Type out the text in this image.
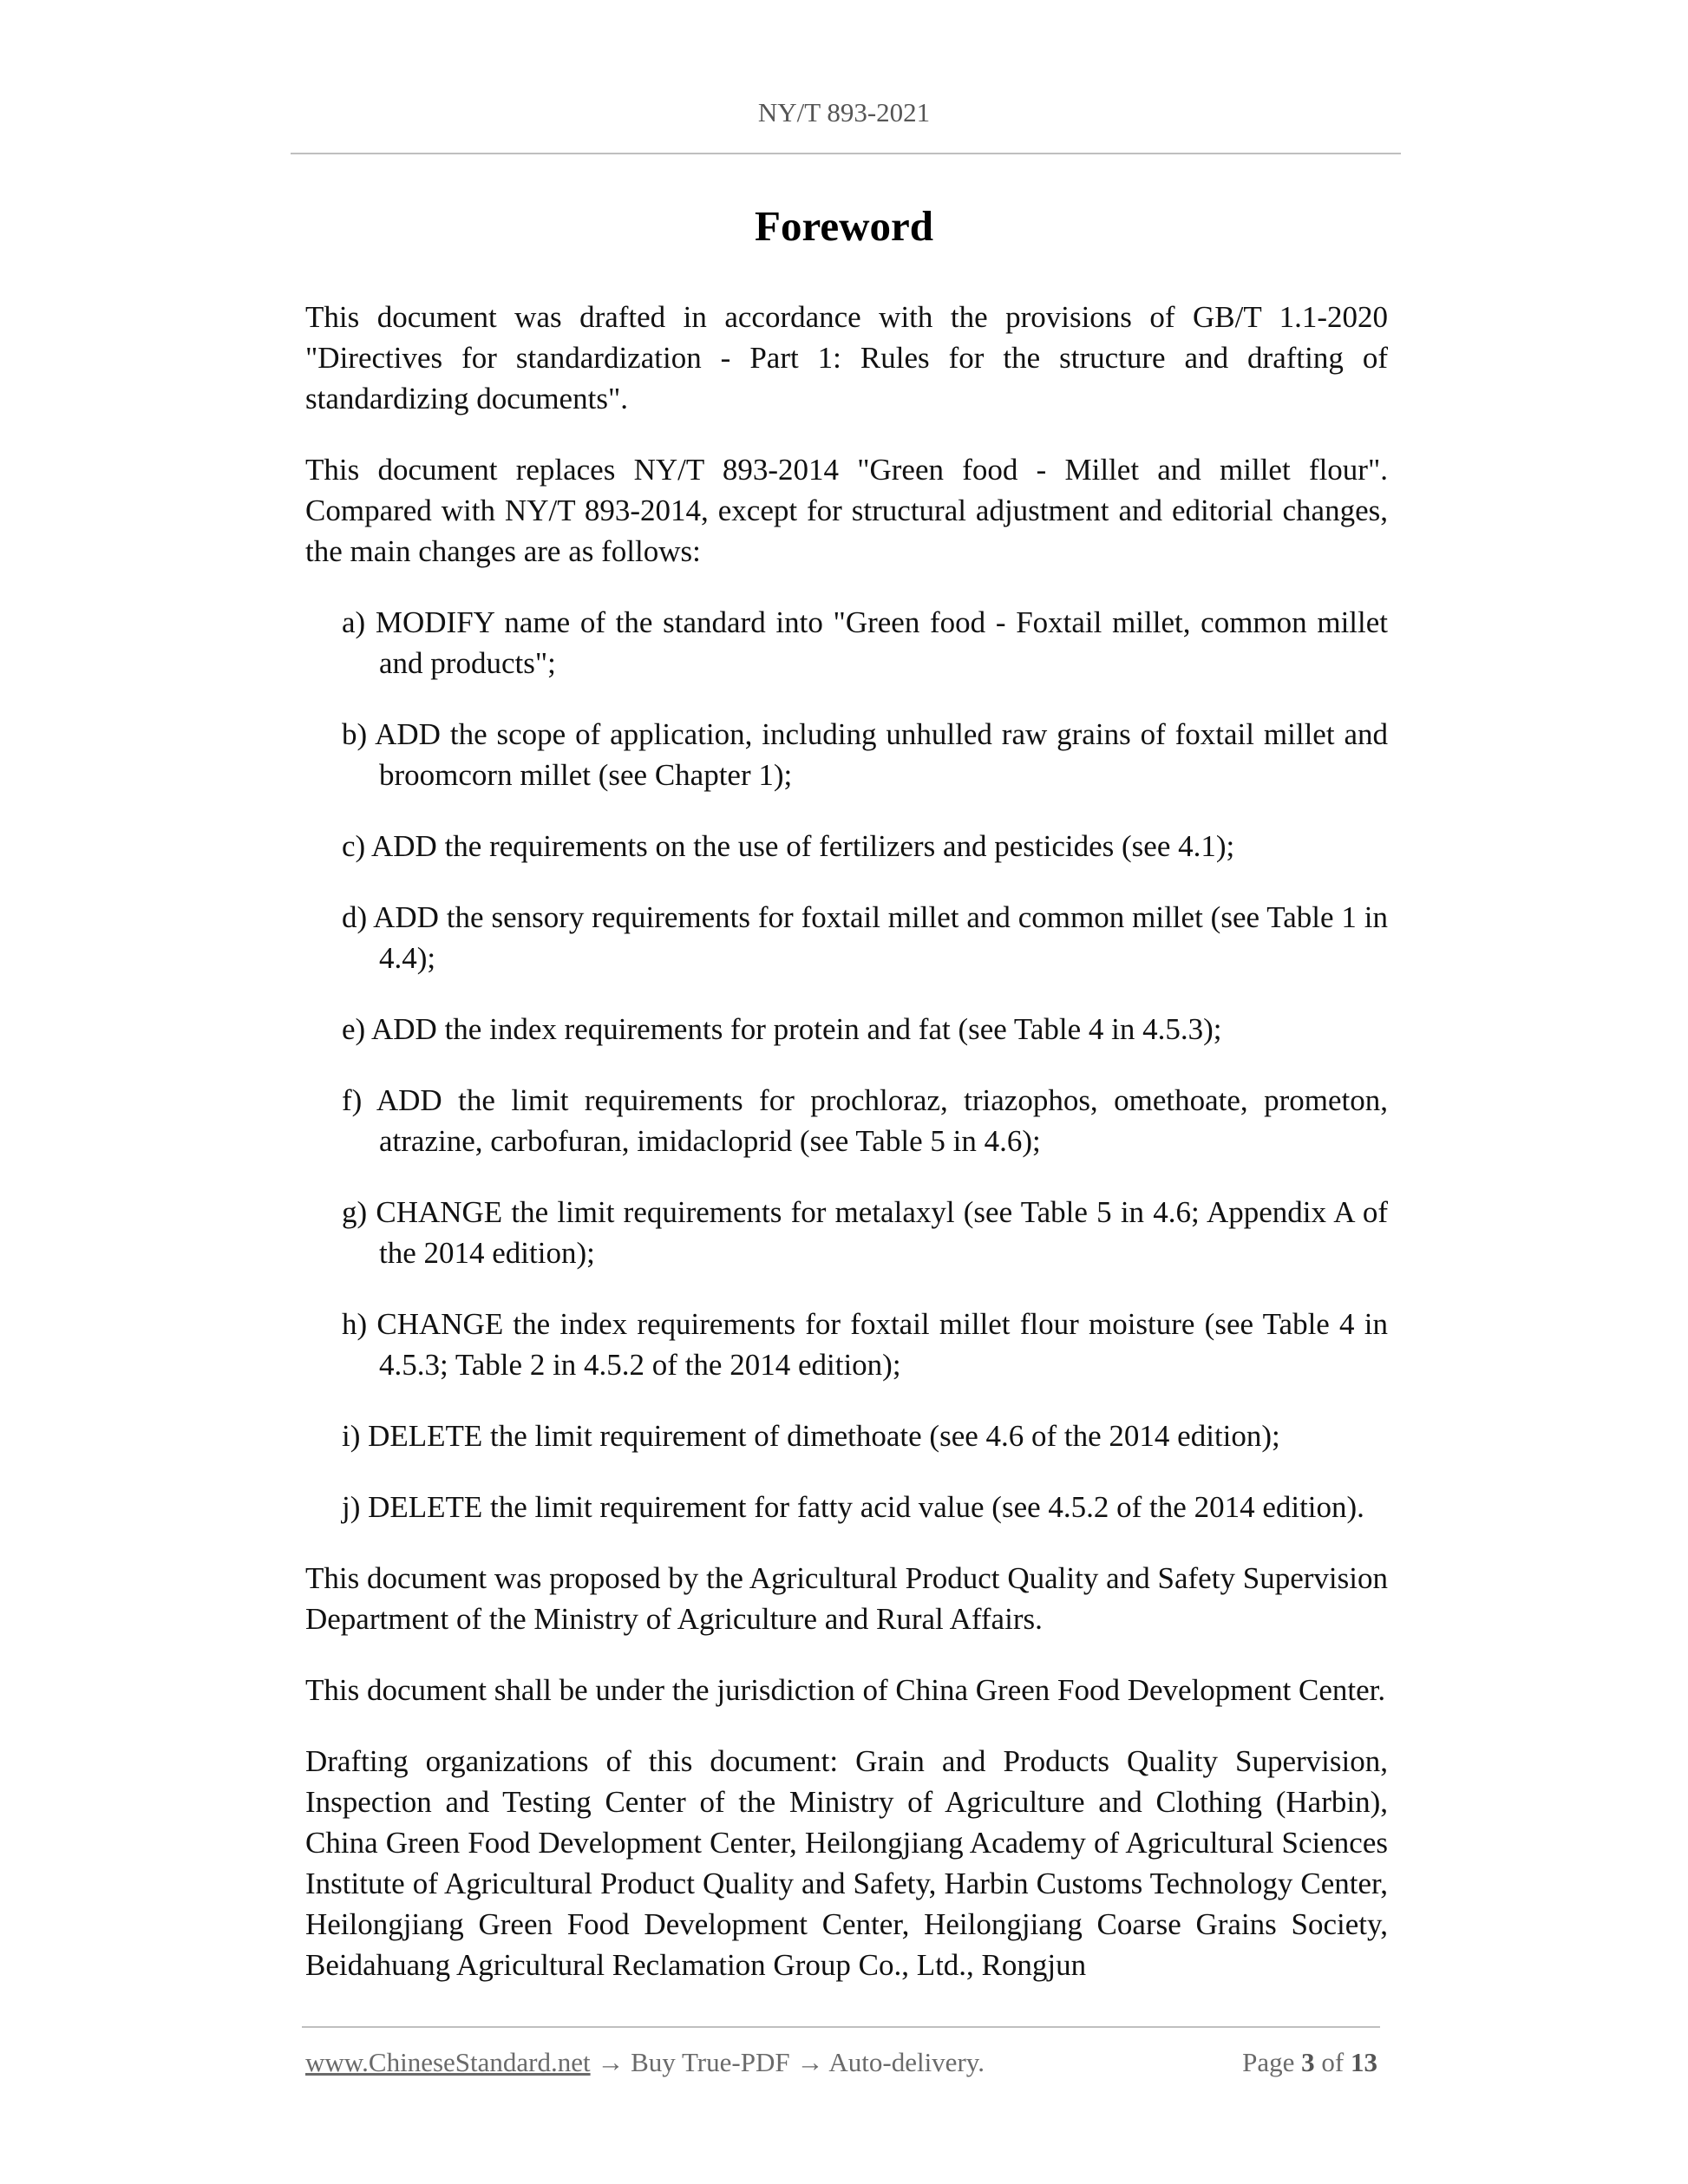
NY/T 893-2021
Foreword

This document was drafted in accordance with the provisions of GB/T 1.1-2020 "Directives for standardization - Part 1: Rules for the structure and drafting of standardizing documents".

This document replaces NY/T 893-2014 "Green food - Millet and millet flour". Compared with NY/T 893-2014, except for structural adjustment and editorial changes, the main changes are as follows:

a) MODIFY name of the standard into "Green food - Foxtail millet, common millet and products";

b) ADD the scope of application, including unhulled raw grains of foxtail millet and broomcorn millet (see Chapter 1);

c) ADD the requirements on the use of fertilizers and pesticides (see 4.1);

d) ADD the sensory requirements for foxtail millet and common millet (see Table 1 in 4.4);

e) ADD the index requirements for protein and fat (see Table 4 in 4.5.3);

f) ADD the limit requirements for prochloraz, triazophos, omethoate, prometon, atrazine, carbofuran, imidacloprid (see Table 5 in 4.6);

g) CHANGE the limit requirements for metalaxyl (see Table 5 in 4.6; Appendix A of the 2014 edition);

h) CHANGE the index requirements for foxtail millet flour moisture (see Table 4 in 4.5.3; Table 2 in 4.5.2 of the 2014 edition);

i) DELETE the limit requirement of dimethoate (see 4.6 of the 2014 edition);

j) DELETE the limit requirement for fatty acid value (see 4.5.2 of the 2014 edition).

This document was proposed by the Agricultural Product Quality and Safety Supervision Department of the Ministry of Agriculture and Rural Affairs.

This document shall be under the jurisdiction of China Green Food Development Center.

Drafting organizations of this document: Grain and Products Quality Supervision, Inspection and Testing Center of the Ministry of Agriculture and Clothing (Harbin), China Green Food Development Center, Heilongjiang Academy of Agricultural Sciences Institute of Agricultural Product Quality and Safety, Harbin Customs Technology Center, Heilongjiang Green Food Development Center, Heilongjiang Coarse Grains Society, Beidahuang Agricultural Reclamation Group Co., Ltd., Rongjun

www.ChineseStandard.net → Buy True-PDF → Auto-delivery.	Page 3 of 13
